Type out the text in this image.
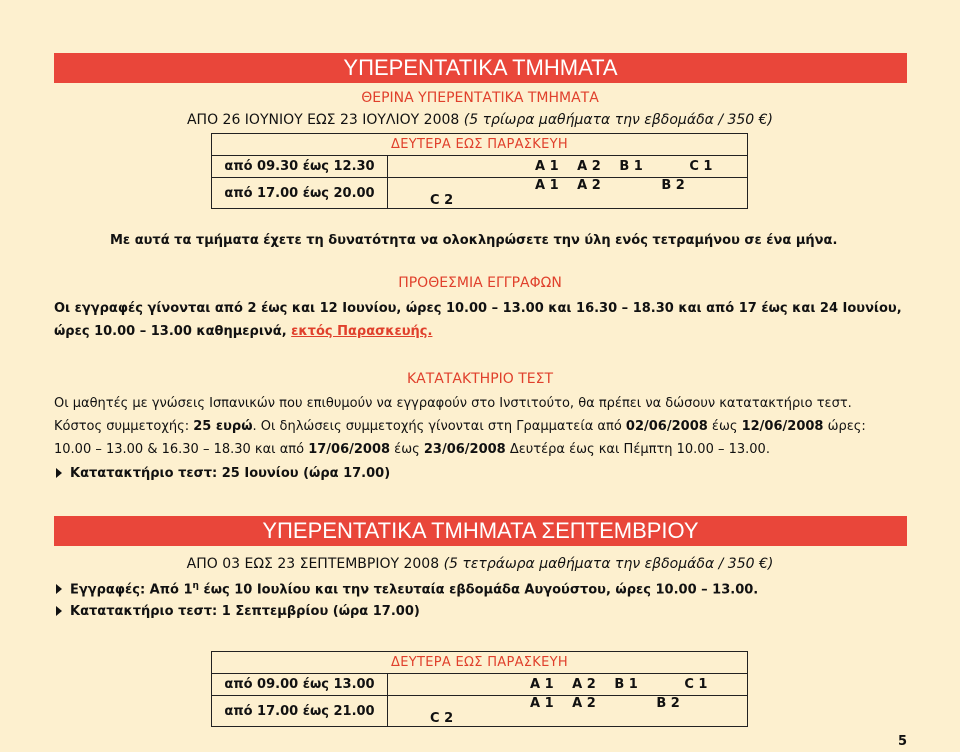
ΥΠΕΡΕΝΤΑΤΙΚΑ ΤΜΗΜΑΤΑ
ΘΕΡΙΝΑ ΥΠΕΡΕΝΤΑΤΙΚΑ ΤΜΗΜΑΤΑ
ΑΠΟ 26 ΙΟΥΝΙΟΥ ΕΩΣ 23 ΙΟΥΛΙΟΥ 2008 (5 τρίωρα μαθήματα την εβδομάδα / 350 €)
ΔΕΥΤΕΡΑ ΕΩΣ ΠΑΡΑΣΚΕΥΗ	
από 09.30 έως 12.30	Α 1 Α 2 Β 1 C 1
από 17.00 έως 20.00	Α 1 Α 2 Β 2 C 2
Με αυτά τα τμήματα έχετε τη δυνατότητα να ολοκληρώσετε την ύλη ενός τετραμήνου σε ένα μήνα.
ΠΡΟΘΕΣΜΙΑ ΕΓΓΡΑΦΩΝ
Οι εγγραφές γίνονται από 2 έως και 12 Ιουνίου, ώρες 10.00 – 13.00 και 16.30 – 18.30 και από 17 έως και 24 Ιουνίου,
ώρες 10.00 – 13.00 καθημερινά, εκτός Παρασκευής.
ΚΑΤΑΤΑΚΤΗΡΙΟ ΤΕΣΤ
Οι μαθητές με γνώσεις Ισπανικών που επιθυμούν να εγγραφούν στο Ινστιτούτο, θα πρέπει να δώσουν κατατακτήριο τεστ.
Κόστος συμμετοχής: 25 ευρώ. Οι δηλώσεις συμμετοχής γίνονται στη Γραμματεία από 02/06/2008 έως 12/06/2008 ώρες:
10.00 – 13.00 & 16.30 – 18.30 και από 17/06/2008 έως 23/06/2008 Δευτέρα έως και Πέμπτη 10.00 – 13.00.
Κατατακτήριο τεστ: 25 Ιουνίου (ώρα 17.00)
ΥΠΕΡΕΝΤΑΤΙΚΑ ΤΜΗΜΑΤΑ ΣΕΠΤΕΜΒΡΙΟΥ
ΑΠΟ 03 ΕΩΣ 23 ΣΕΠΤΕΜΒΡΙΟΥ 2008 (5 τετράωρα μαθήματα την εβδομάδα / 350 €)
Εγγραφές: Από $1^\eta$ έως 10 Ιουλίου και την τελευταία εβδομάδα Αυγούστου, ώρες 10.00 – 13.00.
Κατατακτήριο τεστ: 1 Σεπτεμβρίου (ώρα 17.00)
ΔΕΥΤΕΡΑ ΕΩΣ ΠΑΡΑΣΚΕΥΗ	
από 09.00 έως 13.00	Α 1 Α 2 Β 1 C 1
από 17.00 έως 21.00	Α 1 Α 2 Β 2 C 2
5
